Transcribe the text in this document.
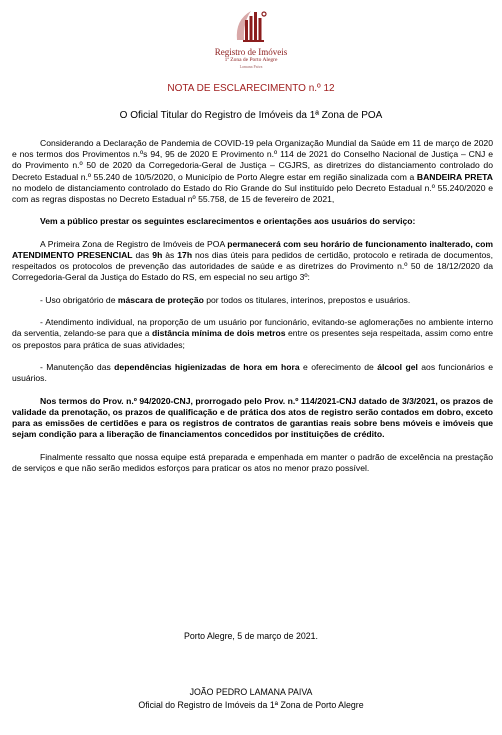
Registro de Imóveis
1ª Zona de Porto Alegre
Lamana Paiva
NOTA DE ESCLARECIMENTO n.º 12
O Oficial Titular do Registro de Imóveis da 1ª Zona de POA

Considerando a Declaração de Pandemia de COVID-19 pela Organização Mundial da Saúde em 11 de março de 2020 e nos termos dos Provimentos n.ºs 94, 95 de 2020 E Provimento n.º 114 de 2021 do Conselho Nacional de Justiça – CNJ e do Provimento n.º 50 de 2020 da Corregedoria-Geral de Justiça – CGJRS, as diretrizes do distanciamento controlado do Decreto Estadual n.º 55.240 de 10/5/2020, o Município de Porto Alegre estar em região sinalizada com a BANDEIRA PRETA no modelo de distanciamento controlado do Estado do Rio Grande do Sul instituído pelo Decreto Estadual n.º 55.240/2020 e com as regras dispostas no Decreto Estadual nº 55.758, de 15 de fevereiro de 2021,

Vem a público prestar os seguintes esclarecimentos e orientações aos usuários do serviço:

A Primeira Zona de Registro de Imóveis de POA permanecerá com seu horário de funcionamento inalterado, com ATENDIMENTO PRESENCIAL das 9h às 17h nos dias úteis para pedidos de certidão, protocolo e retirada de documentos, respeitados os protocolos de prevenção das autoridades de saúde e as diretrizes do Provimento n.º 50 de 18/12/2020 da Corregedoria-Geral da Justiça do Estado do RS, em especial no seu artigo 3º:

- Uso obrigatório de máscara de proteção por todos os titulares, interinos, prepostos e usuários.

- Atendimento individual, na proporção de um usuário por funcionário, evitando-se aglomerações no ambiente interno da serventia, zelando-se para que a distância mínima de dois metros entre os presentes seja respeitada, assim como entre os prepostos para prática de suas atividades;

- Manutenção das dependências higienizadas de hora em hora e oferecimento de álcool gel aos funcionários e usuários.

Nos termos do Prov. n.º 94/2020-CNJ, prorrogado pelo Prov. n.º 114/2021-CNJ datado de 3/3/2021, os prazos de validade da prenotação, os prazos de qualificação e de prática dos atos de registro serão contados em dobro, exceto para as emissões de certidões e para os registros de contratos de garantias reais sobre bens móveis e imóveis que sejam condição para a liberação de financiamentos concedidos por instituições de crédito.

Finalmente ressalto que nossa equipe está preparada e empenhada em manter o padrão de excelência na prestação de serviços e que não serão medidos esforços para praticar os atos no menor prazo possível.

Porto Alegre, 5 de março de 2021.
JOÃO PEDRO LAMANA PAIVA
Oficial do Registro de Imóveis da 1ª Zona de Porto Alegre
